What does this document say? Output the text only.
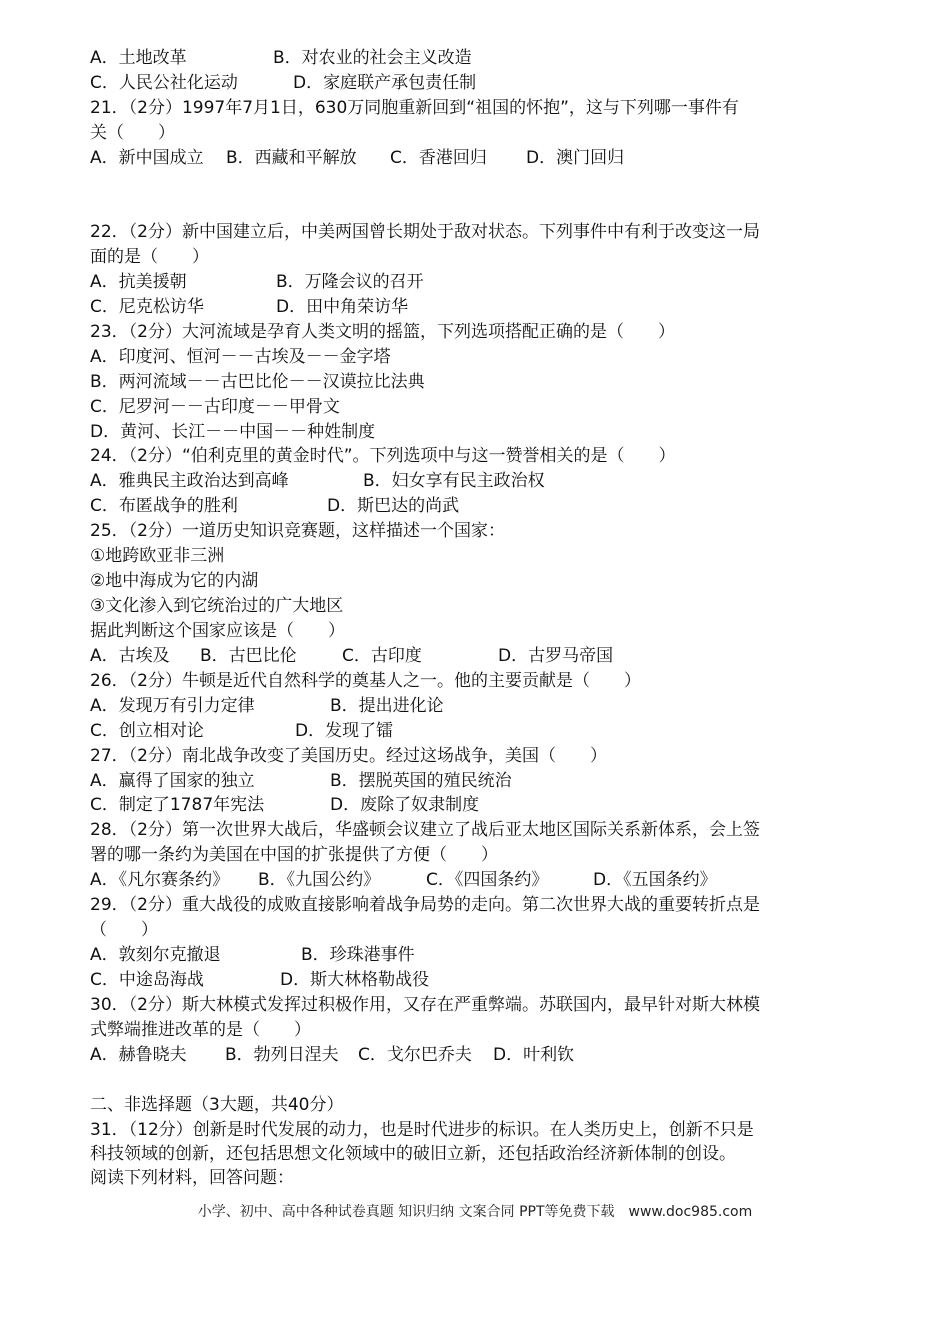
A．土地改革	B．对农业的社会主义改造
C．人民公社化运动	D．家庭联产承包责任制
21．（2分）1997年7月1日，630万同胞重新回到“祖国的怀抱”，这与下列哪一事件有
关（　　）
A．新中国成立 B．西藏和平解放 C．香港回归 D．澳门回归
22．（2分）新中国建立后，中美两国曾长期处于敌对状态。下列事件中有利于改变这一局
面的是（　　）
A．抗美援朝	B．万隆会议的召开
C．尼克松访华	D．田中角荣访华
23．（2分）大河流域是孕育人类文明的摇篮，下列选项搭配正确的是（　　）
A．印度河、恒河－－古埃及－－金字塔
B．两河流域－－古巴比伦－－汉谟拉比法典
C．尼罗河－－古印度－－甲骨文
D．黄河、长江－－中国－－种姓制度
24．（2分）“伯利克里的黄金时代”。下列选项中与这一赞誉相关的是（　　）
A．雅典民主政治达到高峰	B．妇女享有民主政治权
C．布匿战争的胜利	D．斯巴达的尚武
25．（2分）一道历史知识竞赛题，这样描述一个国家：
①地跨欧亚非三洲
②地中海成为它的内湖
③文化渗入到它统治过的广大地区
据此判断这个国家应该是（　　）
A．古埃及 B．古巴比伦	C．古印度	D．古罗马帝国
26．（2分）牛顿是近代自然科学的奠基人之一。他的主要贡献是（　　）
A．发现万有引力定律	B．提出进化论
C．创立相对论	D．发现了镭
27．（2分）南北战争改变了美国历史。经过这场战争，美国（　　）
A．赢得了国家的独立	B．摆脱英国的殖民统治
C．制定了1787年宪法	D．废除了奴隶制度
28．（2分）第一次世界大战后，华盛顿会议建立了战后亚太地区国际关系新体系，会上签
署的哪一条约为美国在中国的扩张提供了方便（　　）
A．《凡尔赛条约》 B．《九国公约》	C．《四国条约》	D．《五国条约》
29．（2分）重大战役的成败直接影响着战争局势的走向。第二次世界大战的重要转折点是
（　　）
A．敦刻尔克撤退	B．珍珠港事件
C．中途岛海战	D．斯大林格勒战役
30．（2分）斯大林模式发挥过积极作用，又存在严重弊端。苏联国内，最早针对斯大林模
式弊端推进改革的是（　　）
A．赫鲁晓夫 B．勃列日涅夫 C．戈尔巴乔夫 D．叶利钦
二、非选择题（3大题，共40分）
31．（12分）创新是时代发展的动力，也是时代进步的标识。在人类历史上，创新不只是
科技领域的创新，还包括思想文化领域中的破旧立新，还包括政治经济新体制的创设。
阅读下列材料，回答问题：
小学、初中、高中各种试卷真题 知识归纳 文案合同 PPT等免费下载　www.doc985.com
